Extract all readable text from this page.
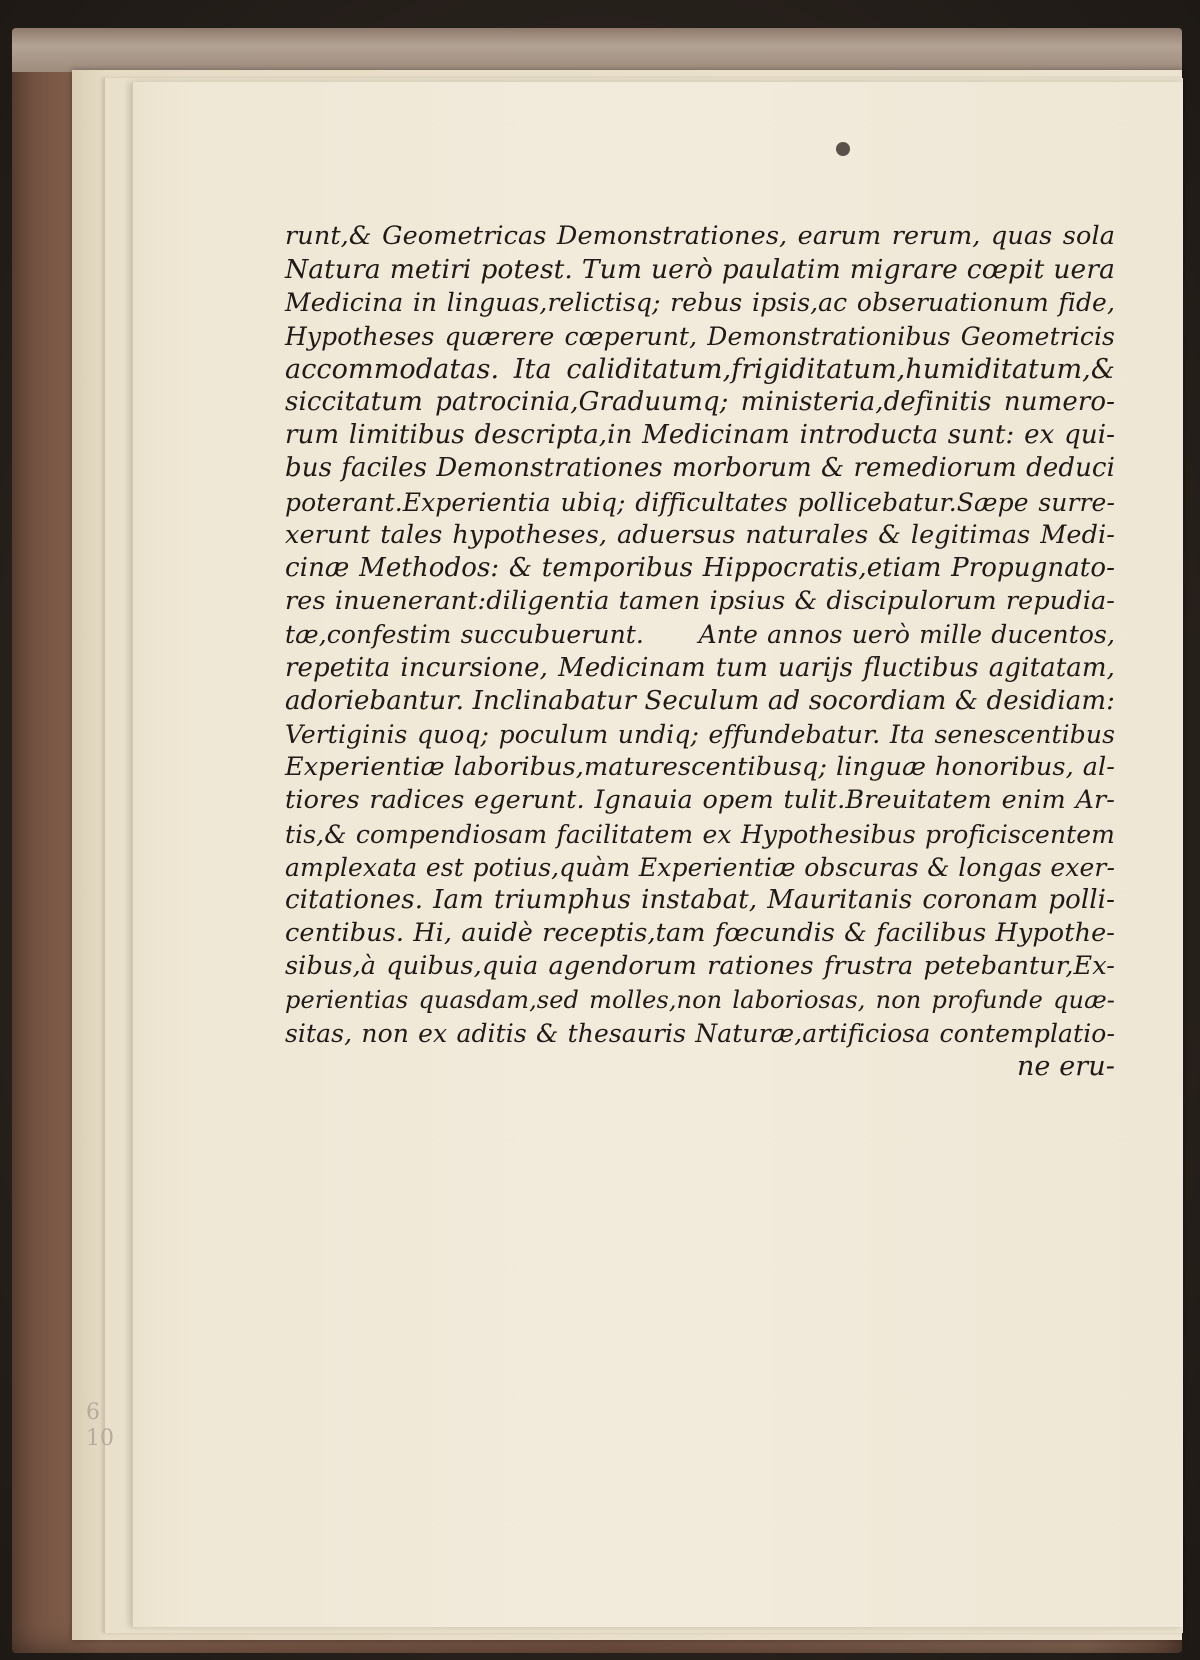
runt,& Geometricas Demonstrationes, earum rerum, quas sola
Natura metiri potest. Tum uerò paulatim migrare cœpit uera
Medicina in linguas,relictisq; rebus ipsis,ac obseruationum fide,
Hypotheses quærere cœperunt, Demonstrationibus Geometricis
accommodatas. Ita caliditatum,frigiditatum,humiditatum,&
siccitatum patrocinia,Graduumq; ministeria,definitis numero-
rum limitibus descripta,in Medicinam introducta sunt: ex qui-
bus faciles Demonstrationes morborum & remediorum deduci
poterant.Experientia ubiq; difficultates pollicebatur.Sæpe surre-
xerunt tales hypotheses, aduersus naturales & legitimas Medi-
cinæ Methodos: & temporibus Hippocratis,etiam Propugnato-
res inuenerant:diligentia tamen ipsius & discipulorum repudia-
tæ,confestim succubuerunt.      Ante annos uerò mille ducentos,
repetita incursione, Medicinam tum uarijs fluctibus agitatam,
adoriebantur. Inclinabatur Seculum ad socordiam & desidiam:
Vertiginis quoq; poculum undiq; effundebatur. Ita senescentibus
Experientiæ laboribus,maturescentibusq; linguæ honoribus, al-
tiores radices egerunt. Ignauia opem tulit.Breuitatem enim Ar-
tis,& compendiosam facilitatem ex Hypothesibus proficiscentem
amplexata est potius,quàm Experientiæ obscuras & longas exer-
citationes. Iam triumphus instabat, Mauritanis coronam polli-
centibus. Hi, auidè receptis,tam fœcundis & facilibus Hypothe-
sibus,à quibus,quia agendorum rationes frustra petebantur,Ex-
perientias quasdam,sed molles,non laboriosas, non profunde quæ-
sitas, non ex aditis & thesauris Naturæ,artificiosa contemplatio-
ne eru-
6
10
